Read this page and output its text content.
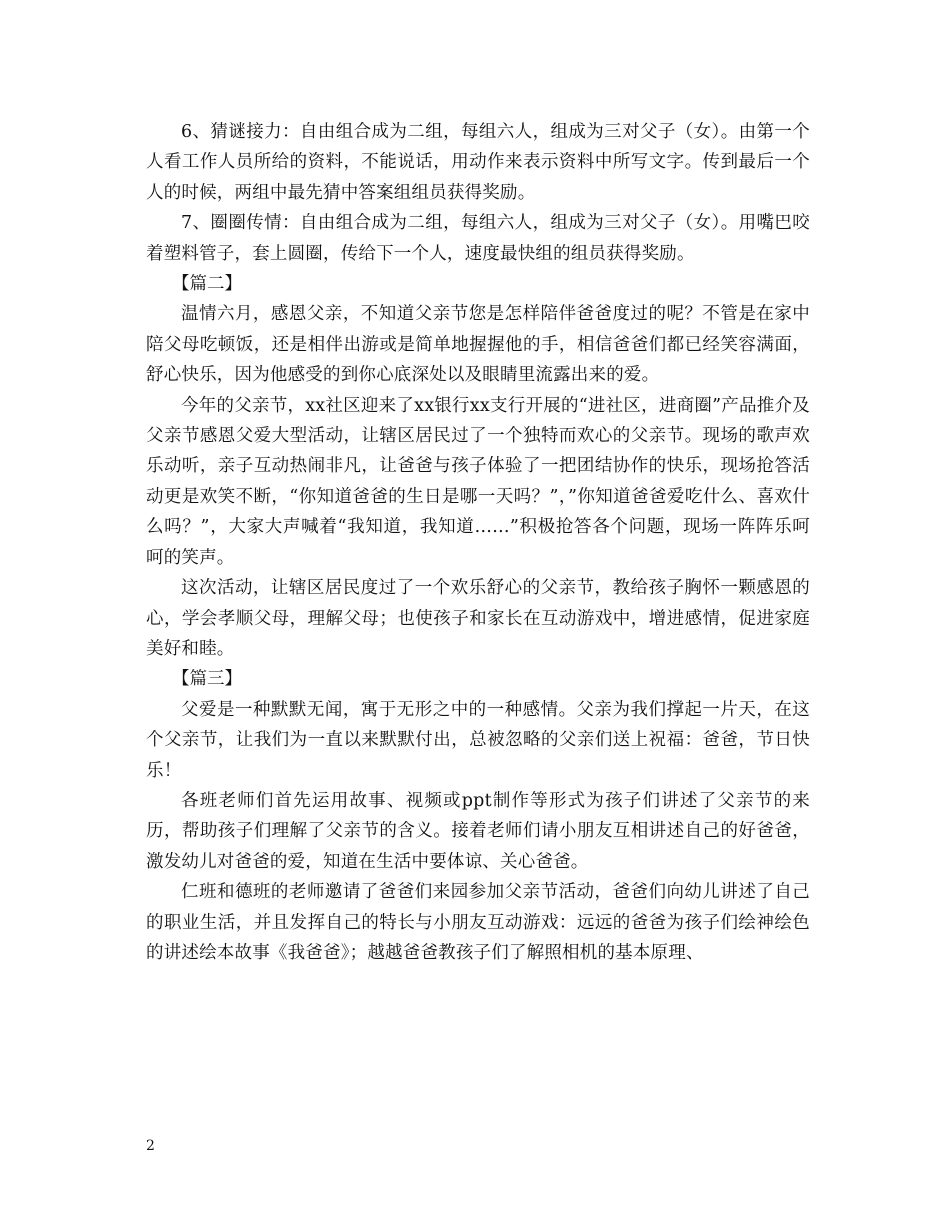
6、猜谜接力：自由组合成为二组，每组六人，组成为三对父子（女）。由第一个人看工作人员所给的资料，不能说话，用动作来表示资料中所写文字。传到最后一个人的时候，两组中最先猜中答案组组员获得奖励。

7、圈圈传情：自由组合成为二组，每组六人，组成为三对父子（女）。用嘴巴咬着塑料管子，套上圆圈，传给下一个人，速度最快组的组员获得奖励。

【篇二】

温情六月，感恩父亲，不知道父亲节您是怎样陪伴爸爸度过的呢？不管是在家中陪父母吃顿饭，还是相伴出游或是简单地握握他的手，相信爸爸们都已经笑容满面，舒心快乐，因为他感受的到你心底深处以及眼睛里流露出来的爱。

今年的父亲节，xx社区迎来了xx银行xx支行开展的“进社区，进商圈”产品推介及父亲节感恩父爱大型活动，让辖区居民过了一个独特而欢心的父亲节。现场的歌声欢乐动听，亲子互动热闹非凡，让爸爸与孩子体验了一把团结协作的快乐，现场抢答活动更是欢笑不断，“你知道爸爸的生日是哪一天吗？”，”你知道爸爸爱吃什么、喜欢什么吗？”，大家大声喊着“我知道，我知道……”积极抢答各个问题，现场一阵阵乐呵呵的笑声。

这次活动，让辖区居民度过了一个欢乐舒心的父亲节，教给孩子胸怀一颗感恩的心，学会孝顺父母，理解父母；也使孩子和家长在互动游戏中，增进感情，促进家庭美好和睦。

【篇三】

父爱是一种默默无闻，寓于无形之中的一种感情。父亲为我们撑起一片天，在这个父亲节，让我们为一直以来默默付出，总被忽略的父亲们送上祝福：爸爸，节日快乐！

各班老师们首先运用故事、视频或ppt制作等形式为孩子们讲述了父亲节的来历，帮助孩子们理解了父亲节的含义。接着老师们请小朋友互相讲述自己的好爸爸，激发幼儿对爸爸的爱，知道在生活中要体谅、关心爸爸。

仁班和德班的老师邀请了爸爸们来园参加父亲节活动，爸爸们向幼儿讲述了自己的职业生活，并且发挥自己的特长与小朋友互动游戏：远远的爸爸为孩子们绘神绘色的讲述绘本故事《我爸爸》；越越爸爸教孩子们了解照相机的基本原理、

2
